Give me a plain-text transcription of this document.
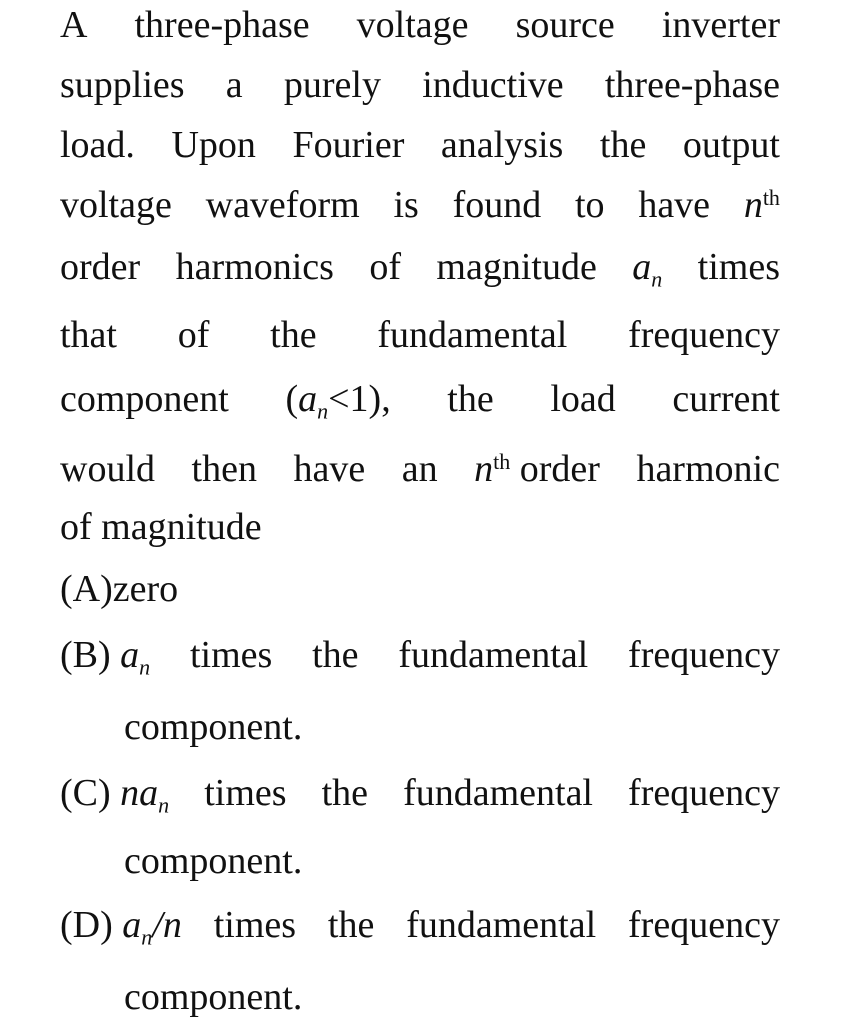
A three-phase voltage source inverter
supplies a purely inductive three-phase
load. Upon Fourier analysis the output
voltage waveform is found to have $n^{th}$
order harmonics of magnitude $a_n$ times
that of the fundamental frequency
component $(a_n<1)$, the load current
would then have an $n^{th}$ order harmonic
of magnitude
(A)zero
(B) $a_n$ times the fundamental frequency
component.
(C) $na_n$ times the fundamental frequency
component.
(D) $a_n/n$ times the fundamental frequency
component.
